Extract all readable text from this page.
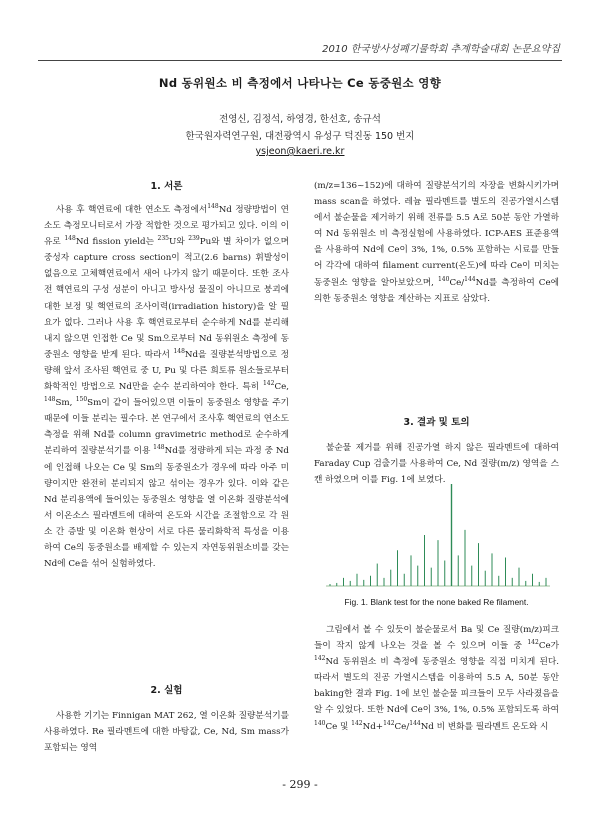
2010 한국방사성폐기물학회 추계학술대회 논문요약집
Nd 동위원소 비 측정에서 나타나는 Ce 동중원소 영향
전영신, 김정석, 하영경, 한선호, 송규석
한국원자력연구원, 대전광역시 유성구 덕진동 150 번지
ysjeon@kaeri.re.kr
1. 서론

사용 후 핵연료에 대한 연소도 측정에서$^{148}$Nd 정량방법이 연소도 측정모니터로서 가장 적합한 것으로 평가되고 있다. 이의 이유로 $^{148}$Nd fission yield는 $^{235}$U와 $^{239}$Pu와 별 차이가 없으며 중성자 capture cross section이 적고(2.6 barns) 휘발성이 없음으로 고체핵연료에서 새어 나가지 않기 때문이다. 또한 조사 전 핵연료의 구성 성분이 아니고 방사성 물질이 아니므로 붕괴에 대한 보정 및 핵연료의 조사이력(irradiation history)을 알 필요가 없다. 그러나 사용 후 핵연료로부터 순수하게 Nd를 분리해 내지 않으면 인접한 Ce 및 Sm으로부터 Nd 동위원소 측정에 동중원소 영향을 받게 된다. 따라서 $^{148}$Nd을 질량분석방법으로 정량해 앞서 조사된 핵연료 중 U, Pu 및 다른 희토류 원소들로부터 화학적인 방법으로 Nd만을 순수 분리하여야 한다. 특히 $^{142}$Ce, $^{148}$Sm, $^{150}$Sm이 같이 들어있으면 이들이 동중원소 영향을 주기 때문에 이들 분리는 필수다. 본 연구에서 조사후 핵연료의 연소도 측정을 위해 Nd를 column gravimetric method로 순수하게 분리하여 질량분석기를 이용 $^{148}$Nd를 정량하게 되는 과정 중 Nd에 인접해 나오는 Ce 및 Sm의 동중원소가 경우에 따라 아주 미량이지만 완전히 분리되지 않고 섞이는 경우가 있다. 이와 같은 Nd 분리용액에 들어있는 동중원소 영향을 열 이온화 질량분석에서 이온소스 필라멘트에 대하여 온도와 시간을 조절함으로 각 원소 간 증발 및 이온화 현상이 서로 다른 물리화학적 특성을 이용하여 Ce의 동중원소를 배제할 수 있는지 자연동위원소비를 갖는 Nd에 Ce을 섞어 실험하였다.

2. 실험

사용한 기기는 Finnigan MAT 262, 열 이온화 질량분석기를 사용하였다. Re 필라멘트에 대한 바탕값, Ce, Nd, Sm mass가 포함되는 영역

(m/z=136~152)에 대하여 질량분석기의 자장을 변화시키가며 mass scan을 하였다. 레늄 필라멘트를 별도의 진공가열시스템에서 불순물을 제거하기 위해 전류를 5.5 A로 50분 동안 가열하여 Nd 동위원소 비 측정실험에 사용하였다. ICP-AES 표준용액을 사용하여 Nd에 Ce이 3%, 1%, 0.5% 포함하는 시료를 만들어 각각에 대하여 filament current(온도)에 따라 Ce이 미치는 동중원소 영향을 알아보았으며, $^{140}$Ce/$^{144}$Nd를 측정하여 Ce에 의한 동중원소 영향을 계산하는 지표로 삼았다.

3. 결과 및 토의

불순물 제거를 위해 진공가열 하지 않은 필라멘트에 대하여 Faraday Cup 검출기를 사용하여 Ce, Nd 질량(m/z) 영역을 스캔 하였으며 이를 Fig. 1에 보였다.

Fig. 1. Blank test for the none baked Re filament.

그림에서 볼 수 있듯이 불순물로서 Ba 및 Ce 질량(m/z)피크 들이 작지 않게 나오는 것을 볼 수 있으며 이들 중 $^{142}$Ce가 $^{142}$Nd 동위원소 비 측정에 동중원소 영향을 직접 미치게 된다. 따라서 별도의 진공 가열시스템을 이용하여 5.5 A, 50분 동안 baking한 결과 Fig. 1에 보인 불순물 피크들이 모두 사라졌음을 알 수 있었다. 또한 Nd에 Ce이 3%, 1%, 0.5% 포함되도록 하여 $^{140}$Ce 및 $^{142}$Nd+$^{142}$Ce/$^{144}$Nd 비 변화를 필라멘트 온도와 시

- 299 -
